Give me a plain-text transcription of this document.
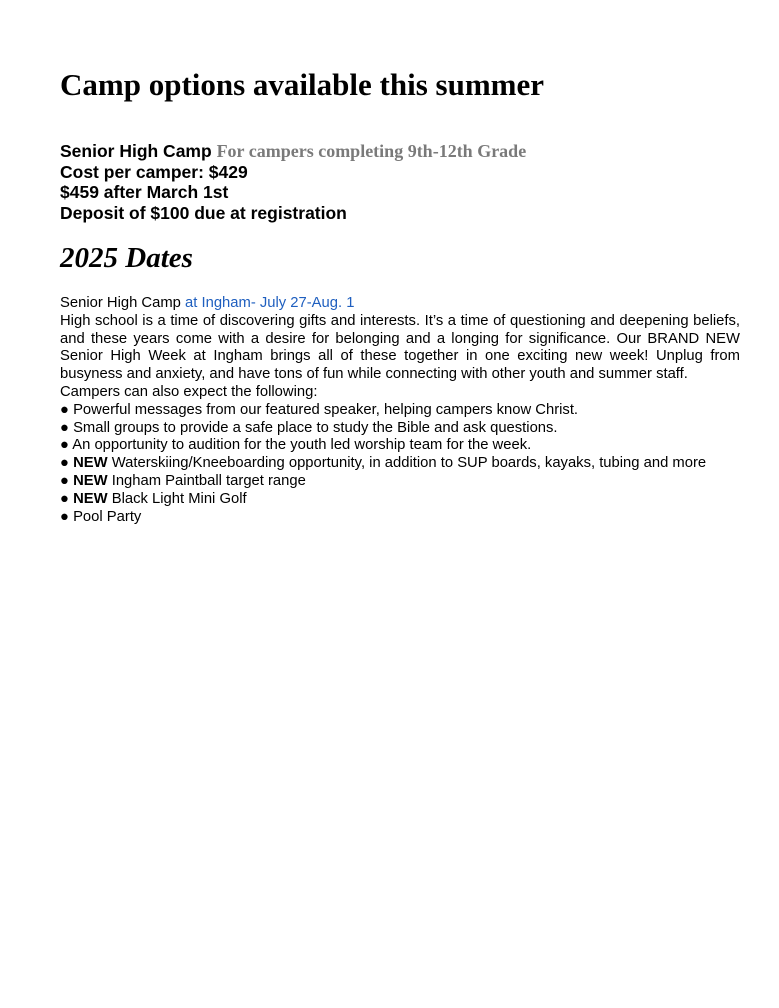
Camp options available this summer
Senior High Camp For campers completing 9th-12th Grade
Cost per camper: $429
$459 after March 1st
Deposit of $100 due at registration
2025 Dates
Senior High Camp at Ingham- July 27-Aug. 1

High school is a time of discovering gifts and interests. It’s a time of questioning and deepening beliefs, and these years come with a desire for belonging and a longing for significance. Our BRAND NEW Senior High Week at Ingham brings all of these together in one exciting new week! Unplug from busyness and anxiety, and have tons of fun while connecting with other youth and summer staff.

Campers can also expect the following:
● Powerful messages from our featured speaker, helping campers know Christ.
● Small groups to provide a safe place to study the Bible and ask questions.
● An opportunity to audition for the youth led worship team for the week.
● NEW Waterskiing/Kneeboarding opportunity, in addition to SUP boards, kayaks, tubing and more
● NEW Ingham Paintball target range
● NEW Black Light Mini Golf
● Pool Party
